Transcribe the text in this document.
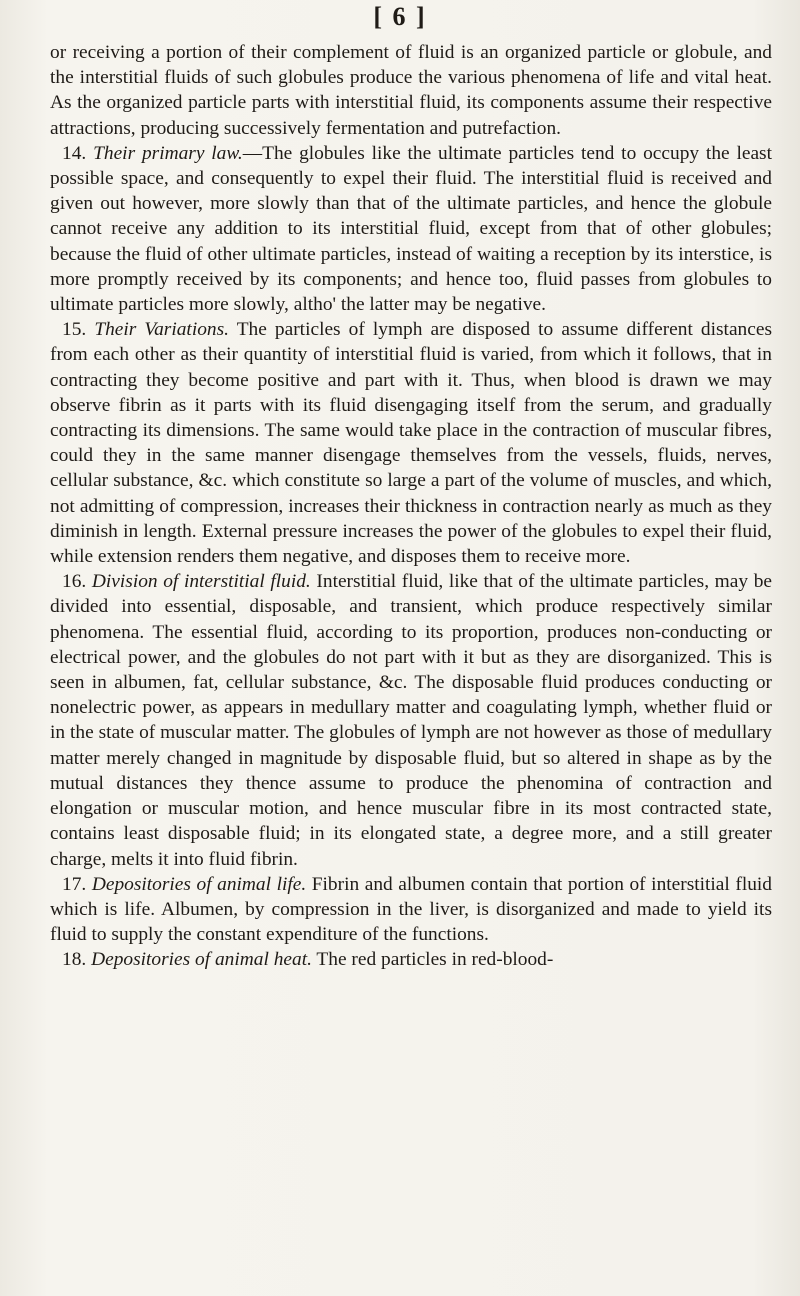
[ 6 ]

or receiving a portion of their complement of fluid is an organized particle or globule, and the interstitial fluids of such globules produce the various phenomena of life and vital heat. As the organized particle parts with interstitial fluid, its components assume their respective attractions, producing successively fermentation and putrefaction.

14. Their primary law.—The globules like the ultimate particles tend to occupy the least possible space, and consequently to expel their fluid. The interstitial fluid is received and given out however, more slowly than that of the ultimate particles, and hence the globule cannot receive any addition to its interstitial fluid, except from that of other globules; because the fluid of other ultimate particles, instead of waiting a reception by its interstice, is more promptly received by its components; and hence too, fluid passes from globules to ultimate particles more slowly, altho' the latter may be negative.

15. Their Variations. The particles of lymph are disposed to assume different distances from each other as their quantity of interstitial fluid is varied, from which it follows, that in contracting they become positive and part with it. Thus, when blood is drawn we may observe fibrin as it parts with its fluid disengaging itself from the serum, and gradually contracting its dimensions. The same would take place in the contraction of muscular fibres, could they in the same manner disengage themselves from the vessels, fluids, nerves, cellular substance, &c. which constitute so large a part of the volume of muscles, and which, not admitting of compression, increases their thickness in contraction nearly as much as they diminish in length. External pressure increases the power of the globules to expel their fluid, while extension renders them negative, and disposes them to receive more.

16. Division of interstitial fluid. Interstitial fluid, like that of the ultimate particles, may be divided into essential, disposable, and transient, which produce respectively similar phenomena. The essential fluid, according to its proportion, produces non-conducting or electrical power, and the globules do not part with it but as they are disorganized. This is seen in albumen, fat, cellular substance, &c. The disposable fluid produces conducting or nonelectric power, as appears in medullary matter and coagulating lymph, whether fluid or in the state of muscular matter. The globules of lymph are not however as those of medullary matter merely changed in magnitude by disposable fluid, but so altered in shape as by the mutual distances they thence assume to produce the phenomina of contraction and elongation or muscular motion, and hence muscular fibre in its most contracted state, contains least disposable fluid; in its elongated state, a degree more, and a still greater charge, melts it into fluid fibrin.

17. Depositories of animal life. Fibrin and albumen contain that portion of interstitial fluid which is life. Albumen, by compression in the liver, is disorganized and made to yield its fluid to supply the constant expenditure of the functions.

18. Depositories of animal heat. The red particles in red-blood-
